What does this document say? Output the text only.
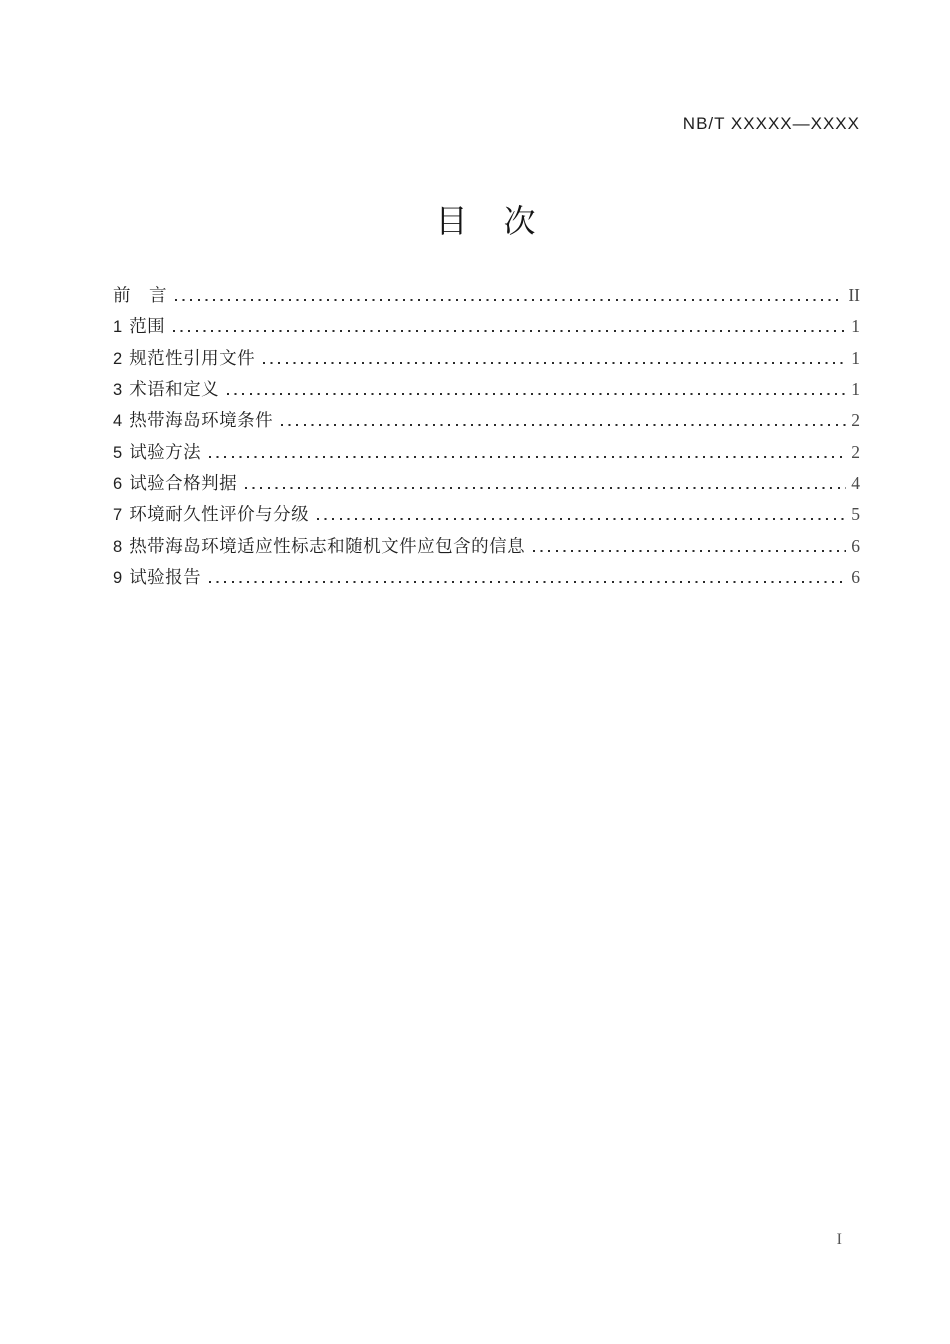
NB/T XXXXX—XXXX
目　次
前　言	II
1 范围	1
2 规范性引用文件	1
3 术语和定义	1
4 热带海岛环境条件	2
5 试验方法	2
6 试验合格判据	4
7 环境耐久性评价与分级	5
8 热带海岛环境适应性标志和随机文件应包含的信息	6
9 试验报告	6
I
